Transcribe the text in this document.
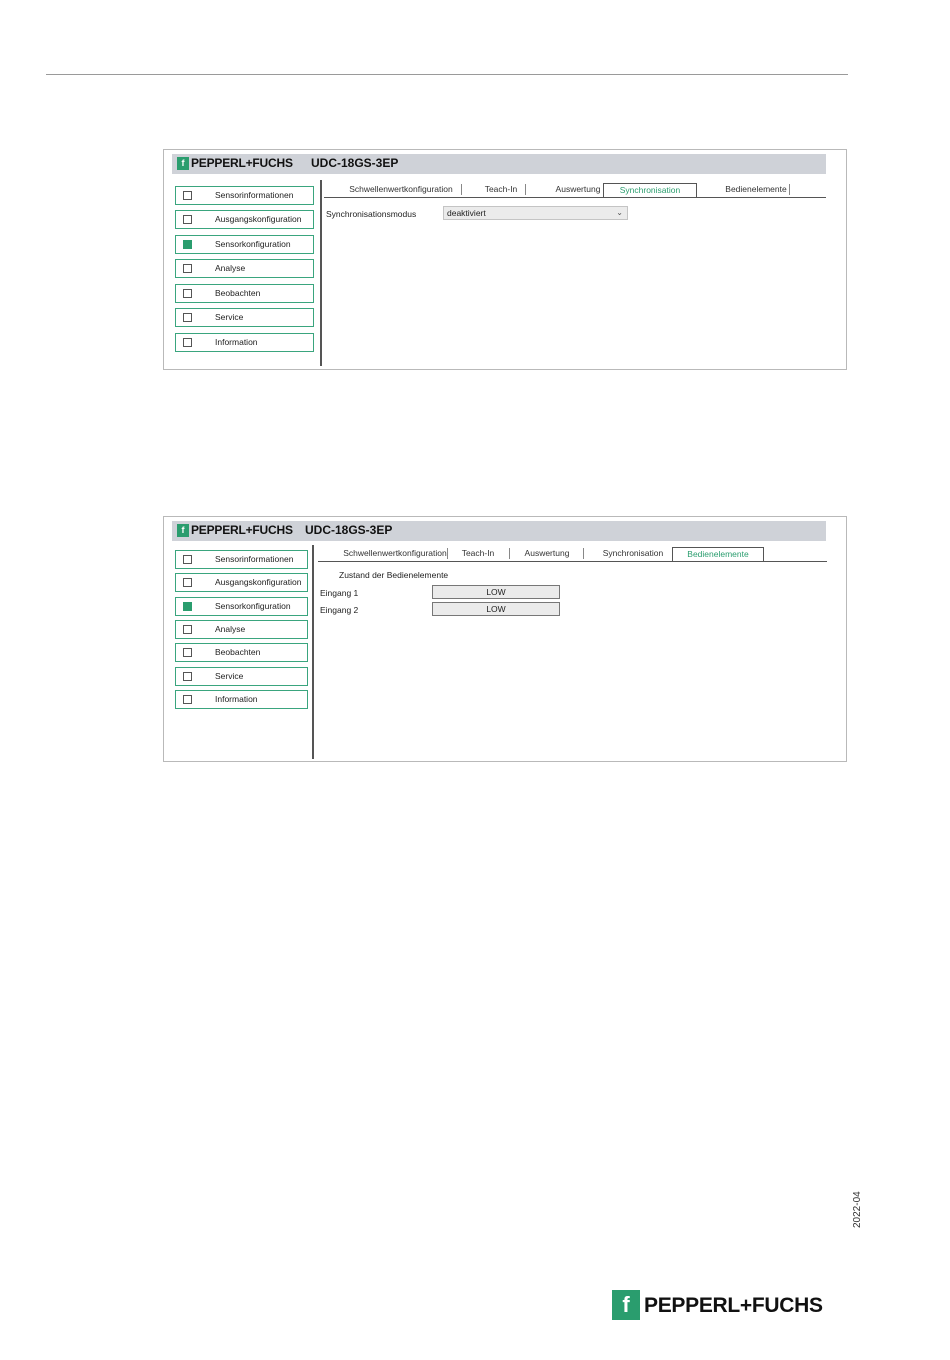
f PEPPERL+FUCHS UDC-18GS-3EP
Sensorinformationen
Ausgangskonfiguration
Sensorkonfiguration
Analyse
Beobachten
Service
Information
Schwellenwertkonfiguration	Teach-In	Auswertung	Synchronisation	Bedienelemente
Synchronisationsmodus	deaktiviert	⌄
f PEPPERL+FUCHS UDC-18GS-3EP
Sensorinformationen
Ausgangskonfiguration
Sensorkonfiguration
Analyse
Beobachten
Service
Information
Schwellenwertkonfiguration	Teach-In	Auswertung	Synchronisation	Bedienelemente
Zustand der Bedienelemente
Eingang 1	LOW
Eingang 2	LOW
2022-04
f PEPPERL+FUCHS
